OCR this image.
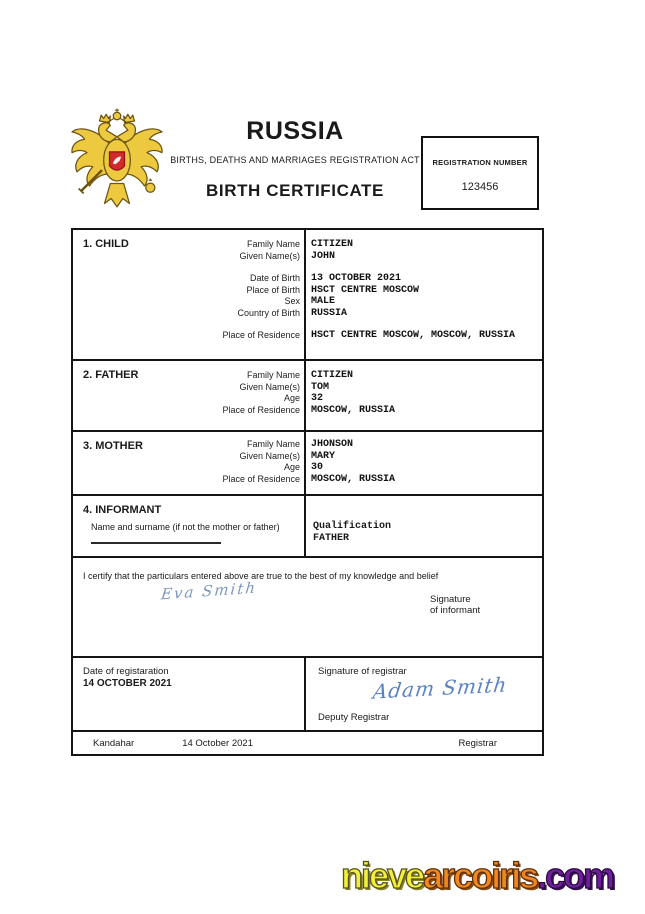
RUSSIA
BIRTHS, DEATHS AND MARRIAGES REGISTRATION ACT
BIRTH CERTIFICATE
REGISTRATION NUMBER
123456
1. CHILD	Family Name	CITIZEN
Given Name(s)	JOHN
Date of Birth	13 OCTOBER 2021
Place of Birth	HSCT CENTRE MOSCOW
Sex	MALE
Country of Birth	RUSSIA
Place of Residence	HSCT CENTRE MOSCOW, MOSCOW, RUSSIA
2. FATHER	Family Name	CITIZEN
Given Name(s)	TOM
Age	32
Place of Residence	MOSCOW, RUSSIA
3. MOTHER	Family Name	JHONSON
Given Name(s)	MARY
Age	30
Place of Residence	MOSCOW, RUSSIA
4. INFORMANT
Name and surname (if not the mother or father)	Qualification
FATHER
I certify that the particulars entered above are true to the best of my knowledge and belief
Eva Smith	Signature
of informant
Date of registaration
14 OCTOBER 2021
Signature of registrar
Adam Smith
Deputy Registrar
Kandahar	14 October 2021	Registrar
nievearcoiris.com
